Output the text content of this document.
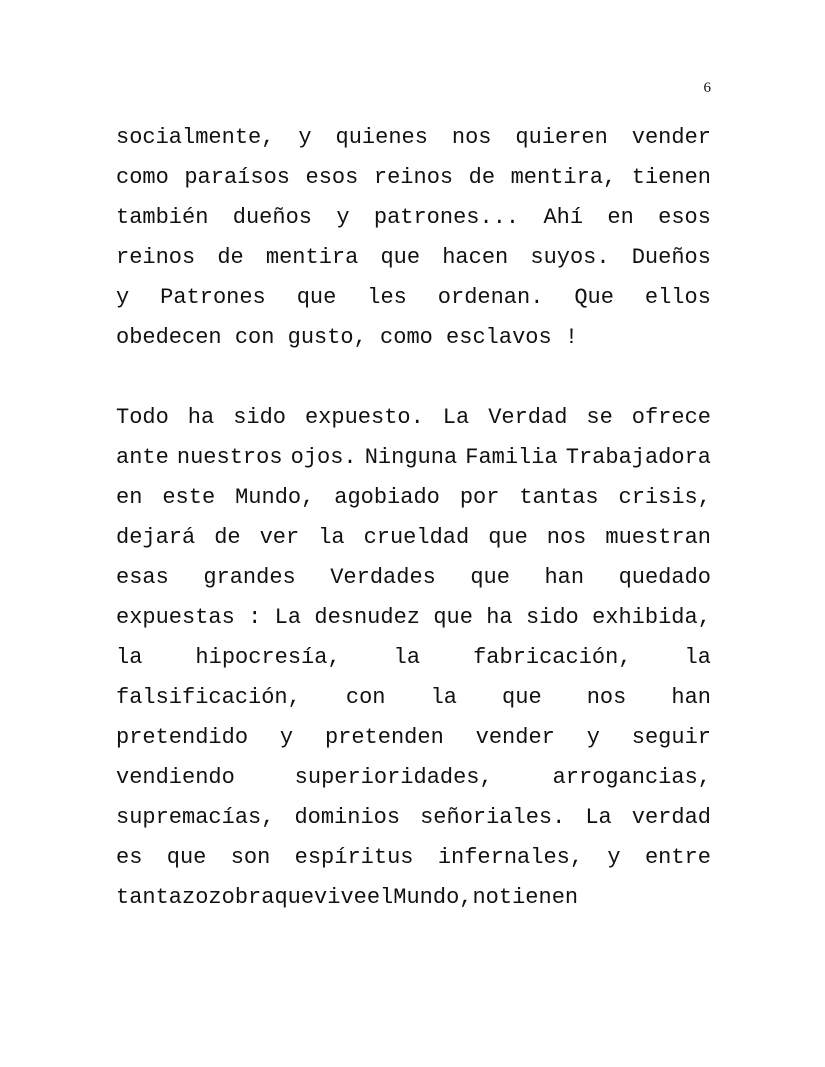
6
socialmente, y quienes nos quieren vender
como paraísos esos reinos de mentira, tienen
también dueños y patrones... Ahí en esos
reinos de mentira que hacen suyos. Dueños
y Patrones que les ordenan. Que ellos
obedecen con gusto, como esclavos !
Todo ha sido expuesto. La Verdad se ofrece
ante nuestros ojos. Ninguna Familia Trabajadora
en este Mundo, agobiado por tantas crisis,
dejará de ver la crueldad que nos muestran
esas grandes Verdades que han quedado
expuestas : La desnudez que ha sido exhibida,
la hipocresía, la fabricación, la
falsificación, con la que nos han
pretendido y pretenden vender y seguir
vendiendo	superioridades,	arrogancias,
supremacías, dominios señoriales. La verdad
es que son espíritus infernales, y entre
tanta zozobra que vive el Mundo, no tienen
